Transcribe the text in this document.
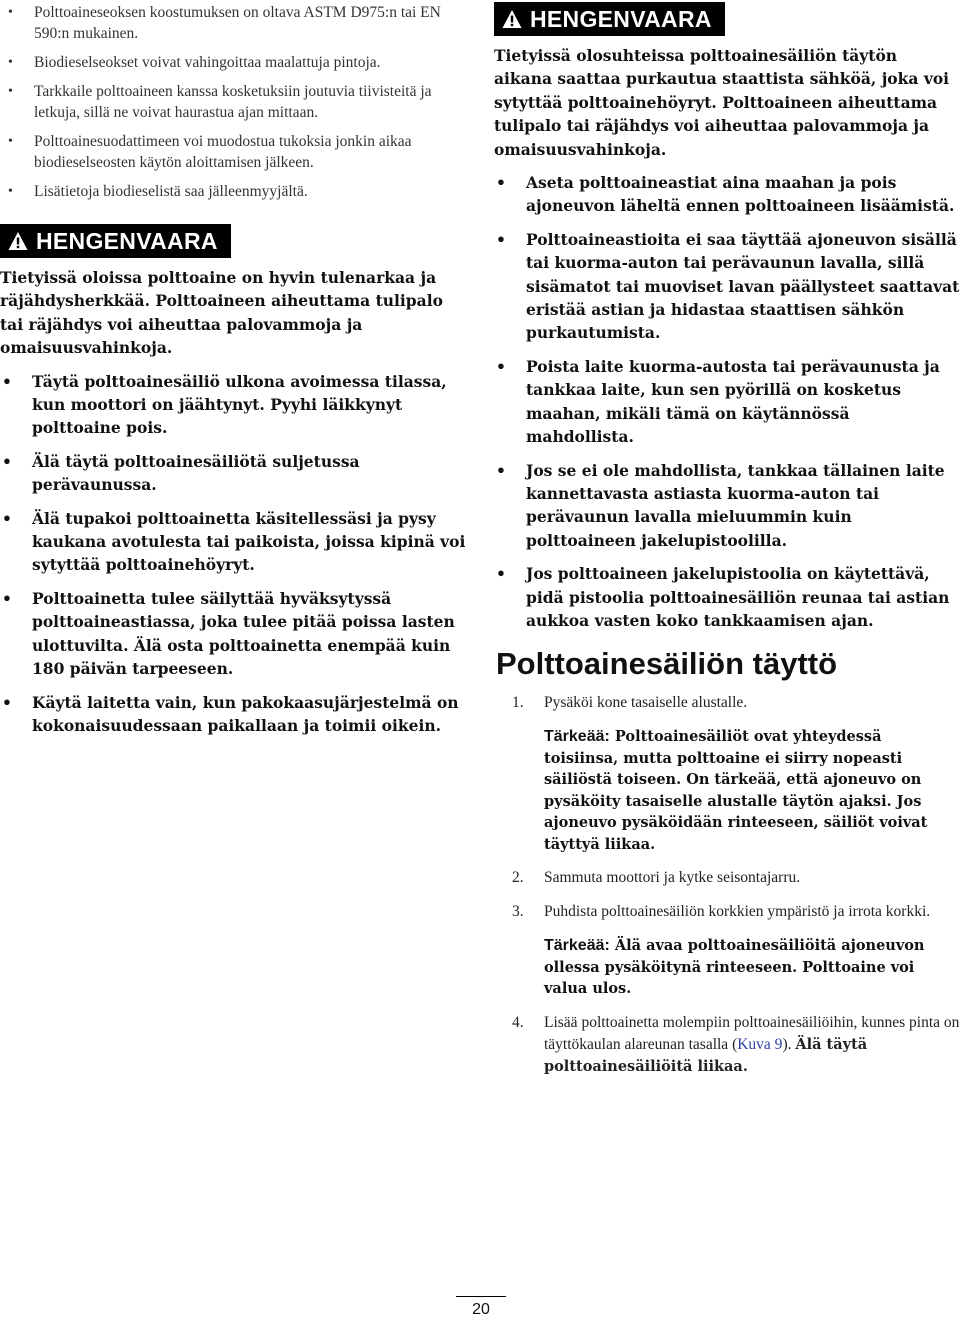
• Polttoaineseoksen koostumuksen on oltava ASTM D975:n tai EN 590:n mukainen.
• Biodieselseokset voivat vahingoittaa maalattuja pintoja.
• Tarkkaile polttoaineen kanssa kosketuksiin joutuvia tiivisteitä ja letkuja, sillä ne voivat haurastua ajan mittaan.
• Polttoainesuodattimeen voi muodostua tukoksia jonkin aikaa biodieselseosten käytön aloittamisen jälkeen.
• Lisätietoja biodieselistä saa jälleenmyyjältä.
HENGENVAARA
Tietyissä oloissa polttoaine on hyvin tulenarkaa ja räjähdysherkkää. Polttoaineen aiheuttama tulipalo tai räjähdys voi aiheuttaa palovammoja ja omaisuusvahinkoja.
• Täytä polttoainesäiliö ulkona avoimessa tilassa, kun moottori on jäähtynyt. Pyyhi läikkynyt polttoaine pois.
• Älä täytä polttoainesäiliötä suljetussa perävaunussa.
• Älä tupakoi polttoainetta käsitellessäsi ja pysy kaukana avotulesta tai paikoista, joissa kipinä voi sytyttää polttoainehöyryt.
• Polttoainetta tulee säilyttää hyväksytyssä polttoaineastiassa, joka tulee pitää poissa lasten ulottuvilta. Älä osta polttoainetta enempää kuin 180 päivän tarpeeseen.
• Käytä laitetta vain, kun pakokaasujärjestelmä on kokonaisuudessaan paikallaan ja toimii oikein.
HENGENVAARA
Tietyissä olosuhteissa polttoainesäiliön täytön aikana saattaa purkautua staattista sähköä, joka voi sytyttää polttoainehöyryt. Polttoaineen aiheuttama tulipalo tai räjähdys voi aiheuttaa palovammoja ja omaisuusvahinkoja.
• Aseta polttoaineastiat aina maahan ja pois ajoneuvon läheltä ennen polttoaineen lisäämistä.
• Polttoaineastioita ei saa täyttää ajoneuvon sisällä tai kuorma-auton tai perävaunun lavalla, sillä sisämatot tai muoviset lavan päällysteet saattavat eristää astian ja hidastaa staattisen sähkön purkautumista.
• Poista laite kuorma-autosta tai perävaunusta ja tankkaa laite, kun sen pyörillä on kosketus maahan, mikäli tämä on käytännössä mahdollista.
• Jos se ei ole mahdollista, tankkaa tällainen laite kannettavasta astiasta kuorma-auton tai perävaunun lavalla mieluummin kuin polttoaineen jakelupistoolilla.
• Jos polttoaineen jakelupistoolia on käytettävä, pidä pistoolia polttoainesäiliön reunaa tai astian aukkoa vasten koko tankkaamisen ajan.
Polttoainesäiliön täyttö
1. Pysäköi kone tasaiselle alustalle.
Tärkeää: Polttoainesäiliöt ovat yhteydessä toisiinsa, mutta polttoaine ei siirry nopeasti säiliöstä toiseen. On tärkeää, että ajoneuvo on pysäköity tasaiselle alustalle täytön ajaksi. Jos ajoneuvo pysäköidään rinteeseen, säiliöt voivat täyttyä liikaa.
2. Sammuta moottori ja kytke seisontajarru.
3. Puhdista polttoainesäiliön korkkien ympäristö ja irrota korkki.
Tärkeää: Älä avaa polttoainesäiliöitä ajoneuvon ollessa pysäköitynä rinteeseen. Polttoaine voi valua ulos.
4. Lisää polttoainetta molempiin polttoainesäiliöihin, kunnes pinta on täyttökaulan alareunan tasalla (Kuva 9). Älä täytä polttoainesäiliöitä liikaa.
20
